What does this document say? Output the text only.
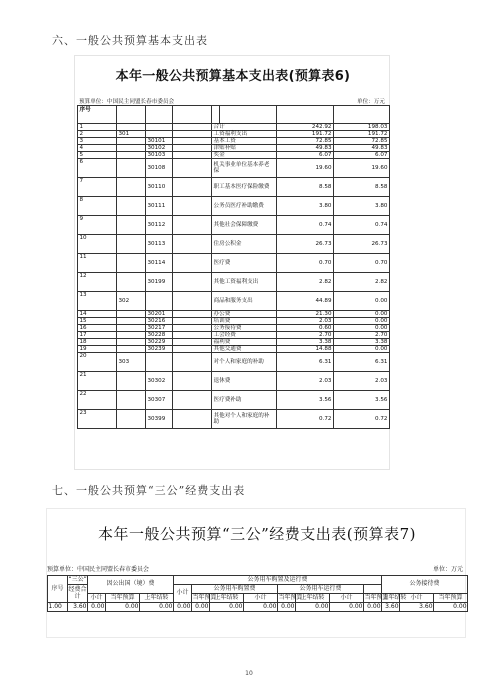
六、一般公共预算基本支出表
本年一般公共预算基本支出表(预算表6)
预算单位：中国民主同盟长春市委员会	单位：万元
序号								
1				合计		242.92	198.03	
2	301			工资福利支出		191.72	191.72	
3		30101		基本工资		72.85	72.85	
4		30102		津贴补贴		49.83	49.83	
5		30103		奖金		6.07	6.07	
6		30108		机关事业单位基本养老保		19.60	19.60	
7		30110		职工基本医疗保险缴费		8.58	8.58	
8		30111		公务员医疗补助缴费		3.80	3.80	
9		30112		其他社会保障缴费		0.74	0.74	
10		30113		住房公积金		26.73	26.73	
11		30114		医疗费		0.70	0.70	
12		30199		其他工资福利支出		2.82	2.82	
13	302			商品和服务支出		44.89	0.00	
14		30201		办公费		21.30	0.00	
15		30216		培训费		2.03	0.00	
16		30217		公务接待费		0.60	0.00	
17		30228		工会经费		2.70	2.70	
18		30229		福利费		3.38	3.38	
19		30239		其他交通费		14.88	0.00	
20	303			对个人和家庭的补助		6.31	6.31	
21		30302		退休费		2.03	2.03	
22		30307		医疗费补助		3.56	3.56	
23		30399		其他对个人和家庭的补助		0.72	0.72	
七、一般公共预算“三公”经费支出表
本年一般公共预算“三公”经费支出表(预算表7)
预算单位：中国民主同盟长春市委员会	单位：万元
序号	“三公”	因公出国（境）费			公务用车购置及运行费								公务接待费			
	经费合计				小计	公务用车购置费			公务用车运行费							
		小计	当年预算	上年结转		当年预算	上年结转	小计	当年预算	上年结转	小计	当年预算	上年结转	小计	当年预算	
1.00	3.60	0.00	0.00	0.00	0.00	0.00	0.00	0.00	0.00	0.00	0.00	0.00	3.60	3.60	0.00	
10
